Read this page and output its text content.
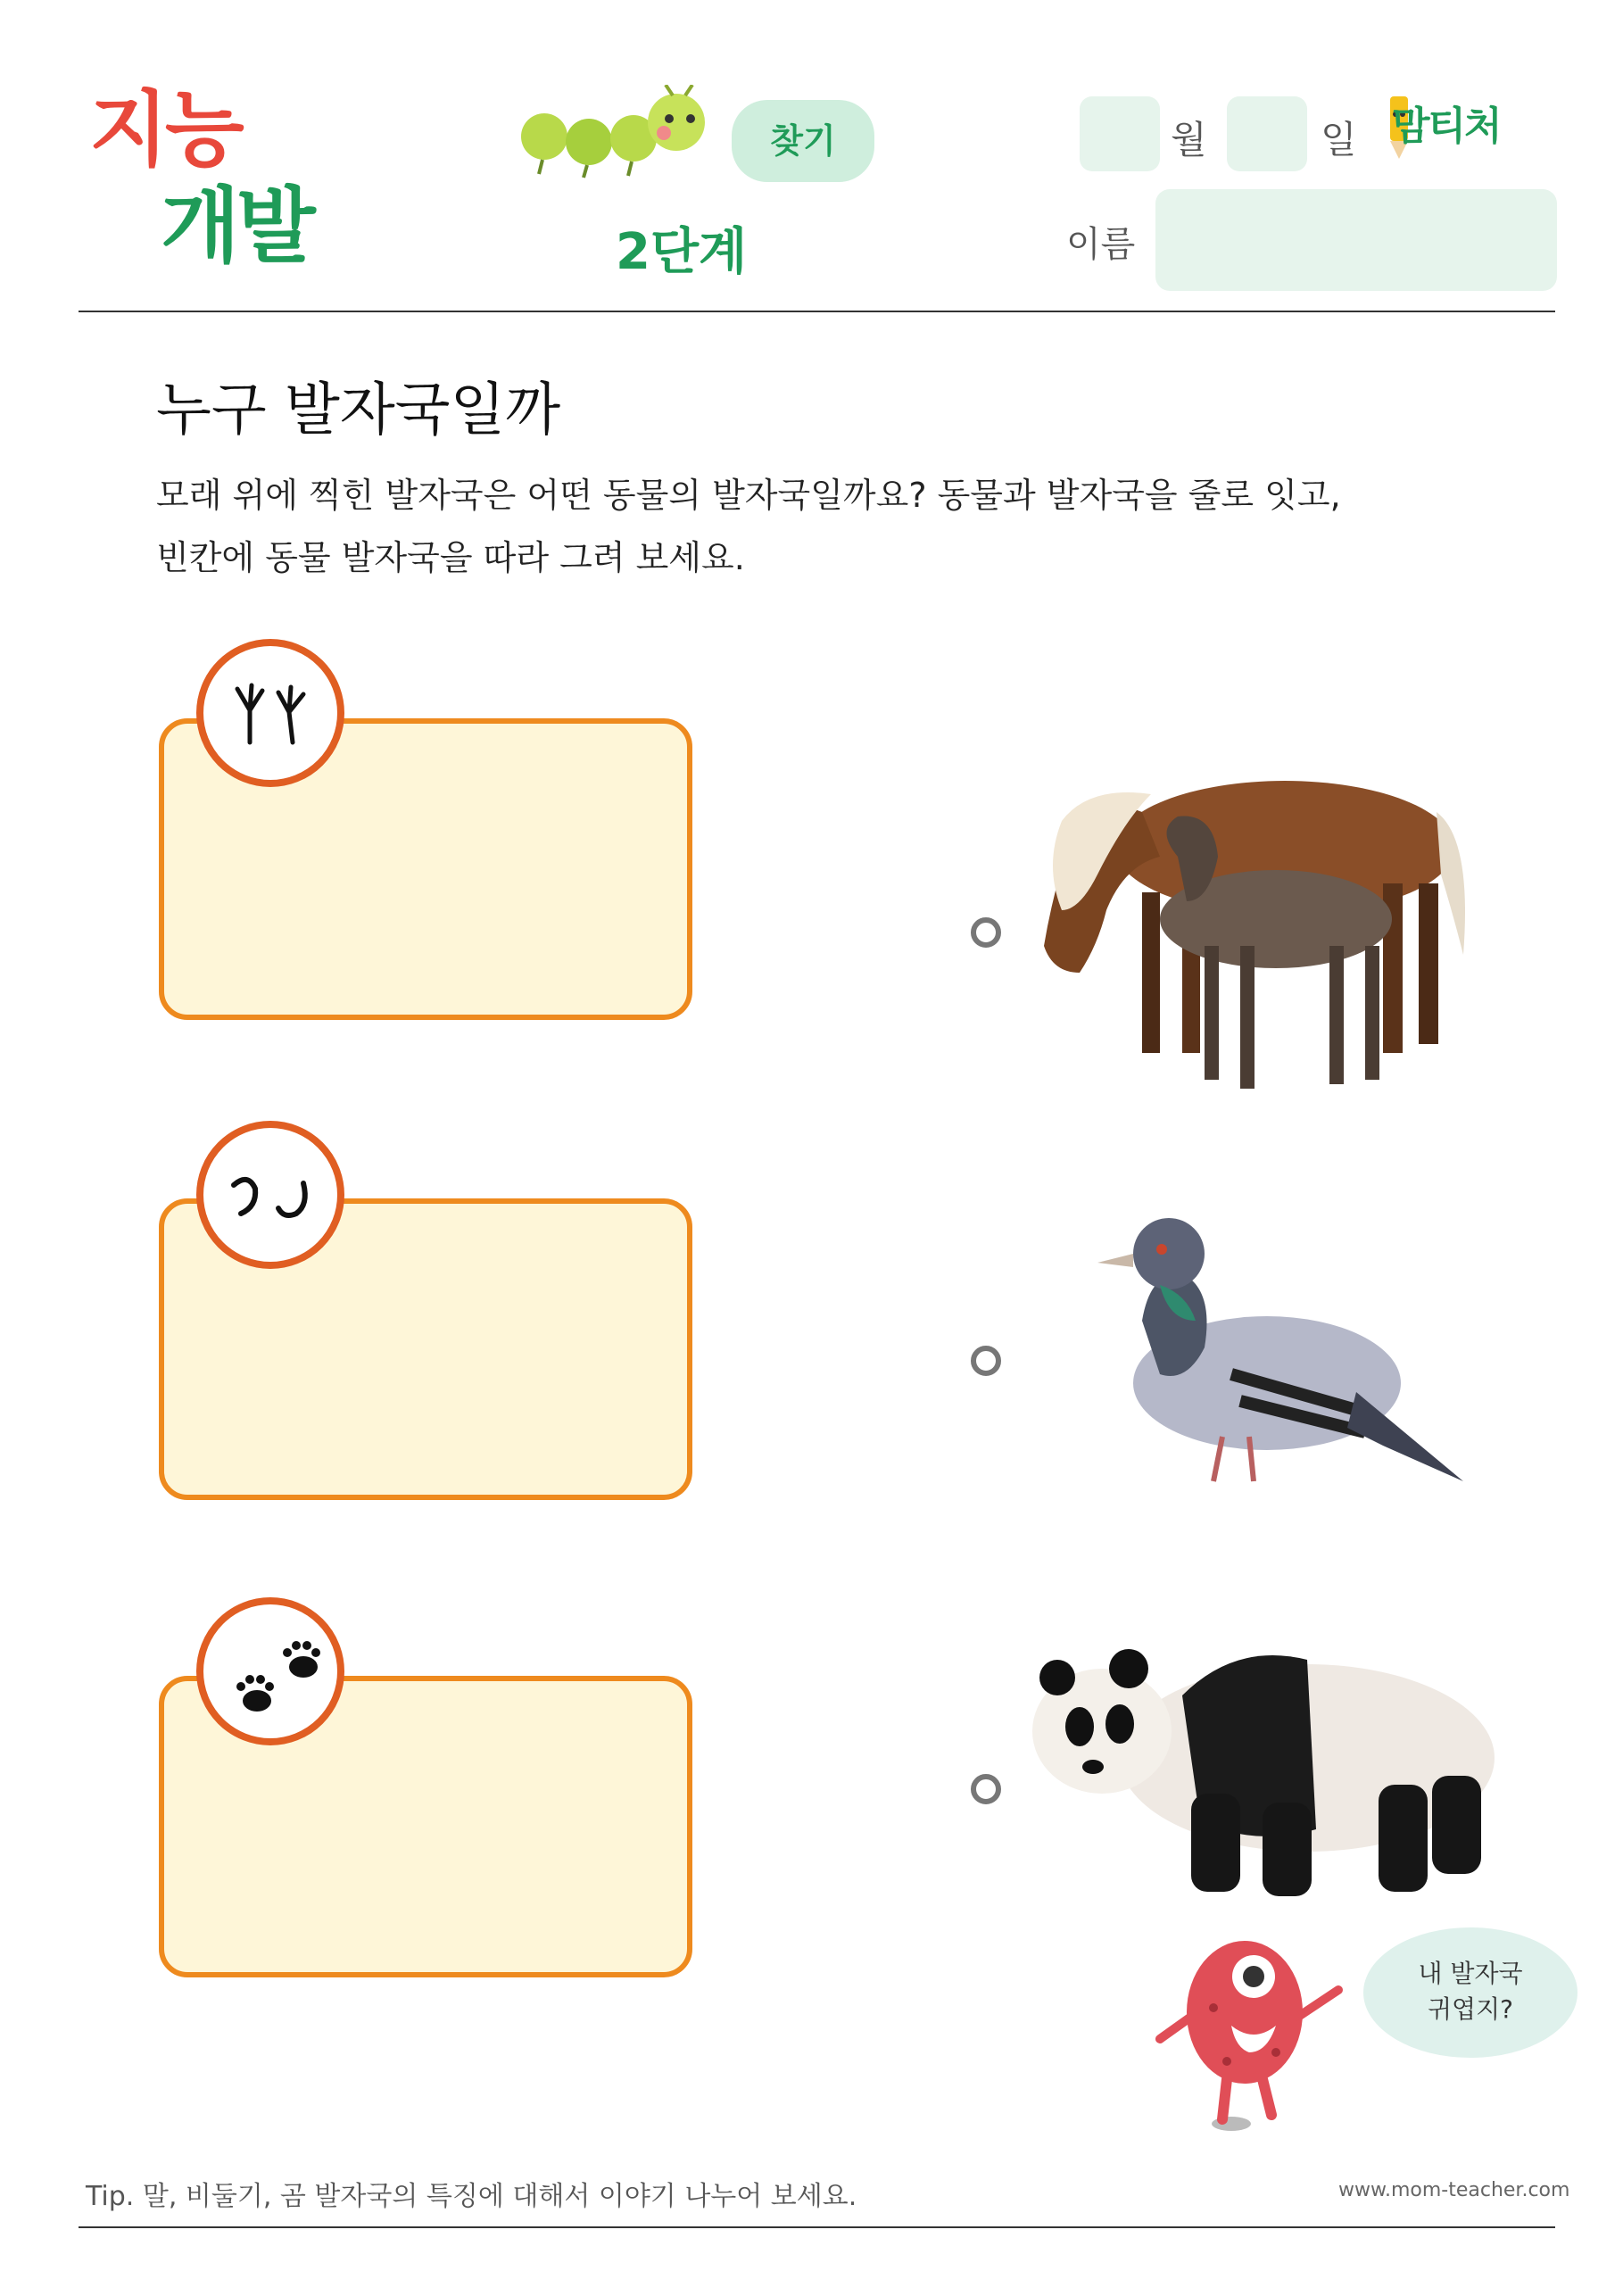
지능
개발
찾기
2단계
월	일 맘티처
이름
누구 발자국일까
모래 위에 찍힌 발자국은 어떤 동물의 발자국일까요? 동물과 발자국을 줄로 잇고,
빈칸에 동물 발자국을 따라 그려 보세요.
내 발자국
귀엽지?
Tip. 말, 비둘기, 곰 발자국의 특징에 대해서 이야기 나누어 보세요.	www.mom-teacher.com
